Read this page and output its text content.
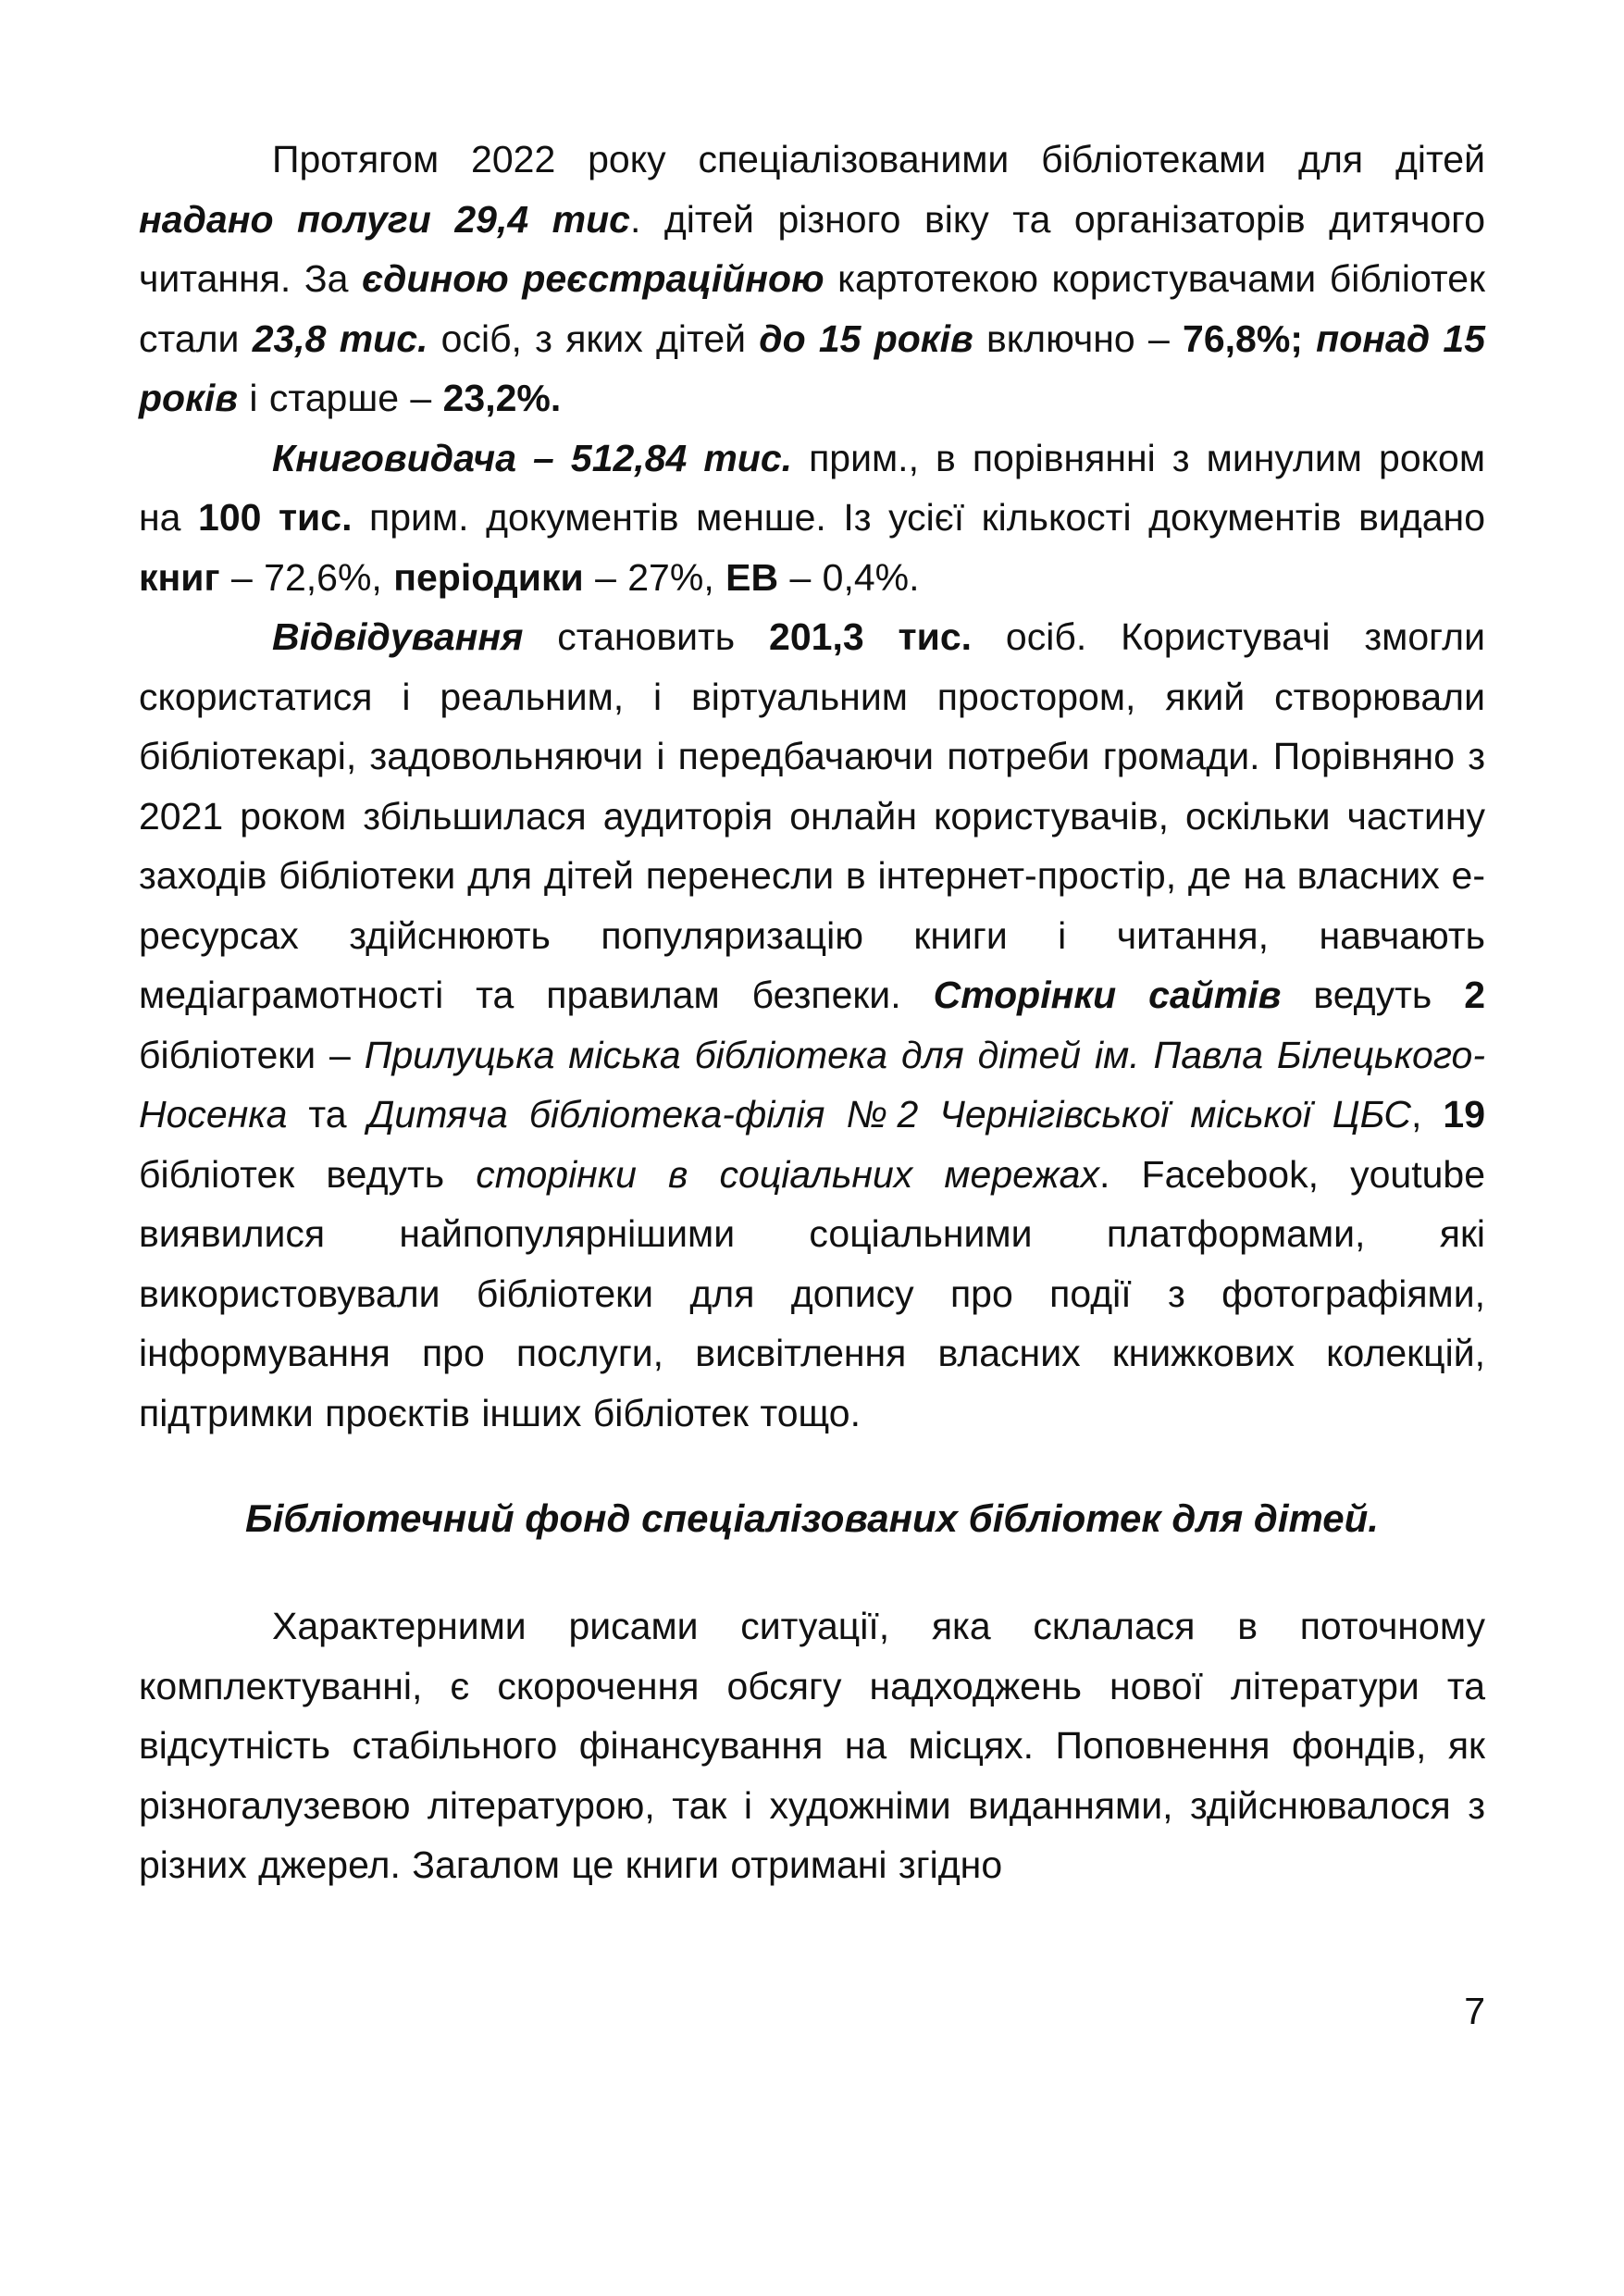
Протягом 2022 року спеціалізованими бібліотеками для дітей надано полуги 29,4 тис. дітей різного віку та організаторів дитячого читання. За єдиною реєстраційною картотекою користувачами бібліотек стали 23,8 тис. осіб, з яких дітей до 15 років включно – 76,8%; понад 15 років і старше – 23,2%.

Книговидача – 512,84 тис. прим., в порівнянні з минулим роком на 100 тис. прим. документів менше. Із усієї кількості документів видано книг – 72,6%, періодики – 27%, ЕВ – 0,4%.

Відвідування становить 201,3 тис. осіб. Користувачі змогли скористатися і реальним, і віртуальним простором, який створювали бібліотекарі, задовольняючи і передбачаючи потреби громади. Порівняно з 2021 роком збільшилася аудиторія онлайн користувачів, оскільки частину заходів бібліотеки для дітей перенесли в інтернет-простір, де на власних е-ресурсах здійснюють популяризацію книги і читання, навчають медіаграмотності та правилам безпеки. Сторінки сайтів ведуть 2 бібліотеки – Прилуцька міська бібліотека для дітей ім. Павла Білецького-Носенка та Дитяча бібліотека-філія №2 Чернігівської міської ЦБС, 19 бібліотек ведуть сторінки в соціальних мережах. Facebook, youtube виявилися найпопулярнішими соціальними платформами, які використовували бібліотеки для допису про події з фотографіями, інформування про послуги, висвітлення власних книжкових колекцій, підтримки проєктів інших бібліотек тощо.

Бібліотечний фонд спеціалізованих бібліотек для дітей.

Характерними рисами ситуації, яка склалася в поточному комплектуванні, є скорочення обсягу надходжень нової літератури та відсутність стабільного фінансування на місцях. Поповнення фондів, як різногалузевою літературою, так і художніми виданнями, здійснювалося з різних джерел. Загалом це книги отримані згідно

7
